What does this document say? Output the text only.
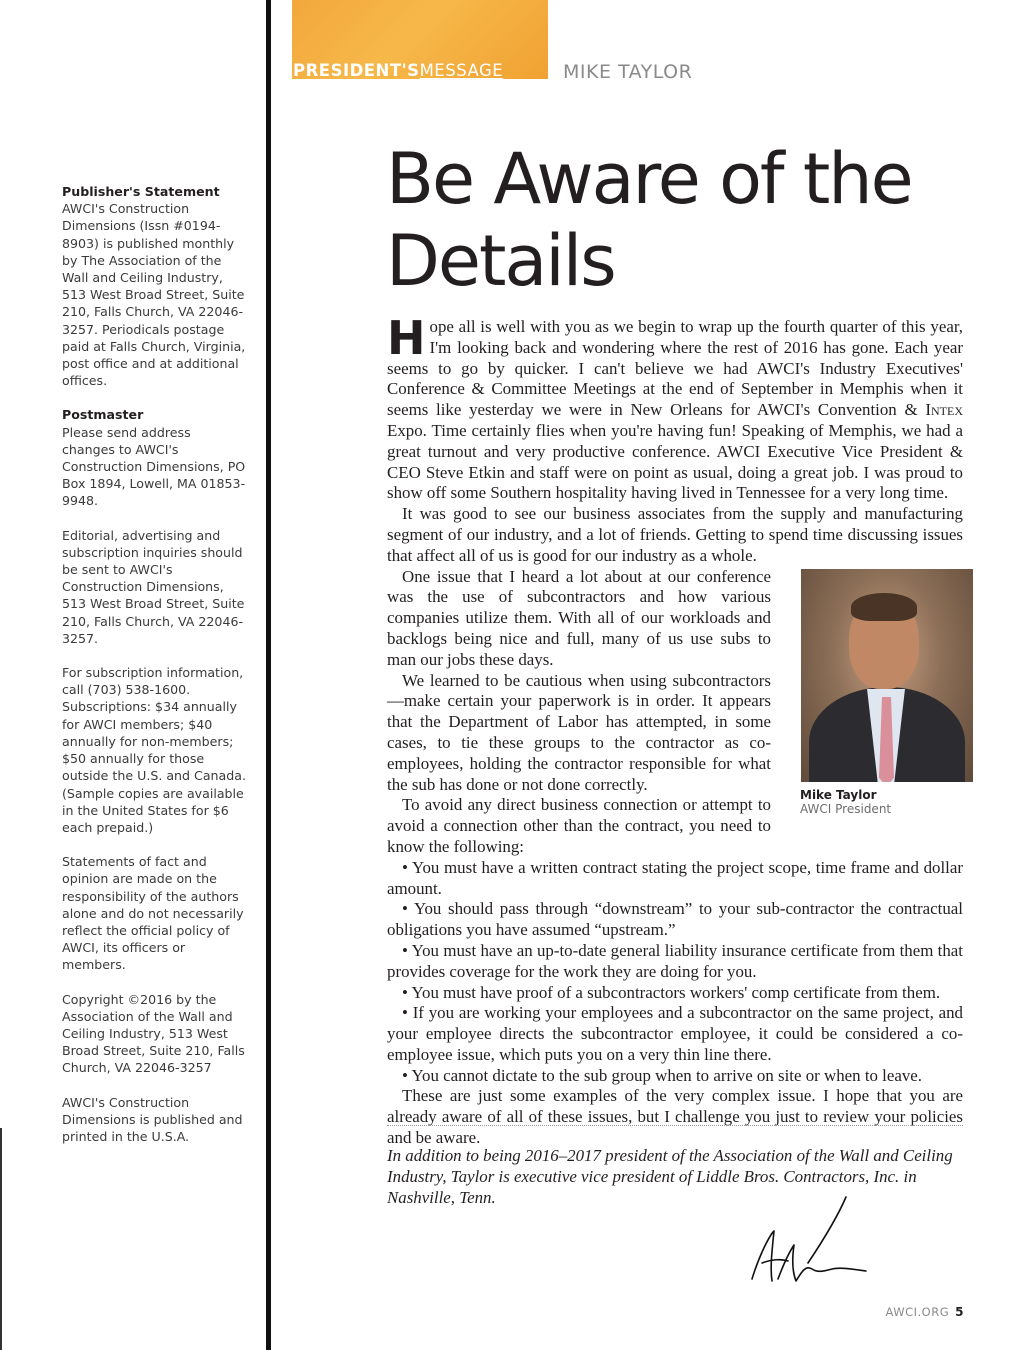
Publisher's Statement

AWCI's Construction Dimensions (Issn #0194-8903) is published monthly by The Association of the Wall and Ceiling Industry, 513 West Broad Street, Suite 210, Falls Church, VA 22046-3257. Periodicals postage paid at Falls Church, Virginia, post office and at additional offices.

Postmaster

Please send address changes to AWCI's Construction Dimensions, PO Box 1894, Lowell, MA 01853-9948.

Editorial, advertising and subscription inquiries should be sent to AWCI's Construction Dimensions, 513 West Broad Street, Suite 210, Falls Church, VA 22046-3257.

For subscription information, call (703) 538-1600. Subscriptions: $34 annually for AWCI members; $40 annually for non-members; $50 annually for those outside the U.S. and Canada. (Sample copies are available in the United States for $6 each prepaid.)

Statements of fact and opinion are made on the responsibility of the authors alone and do not necessarily reflect the official policy of AWCI, its officers or members.

Copyright ©2016 by the Association of the Wall and Ceiling Industry, 513 West Broad Street, Suite 210, Falls Church, VA 22046-3257

AWCI's Construction Dimensions is published and printed in the U.S.A.

PRESIDENT'SMESSAGE	MIKE TAYLOR
Be Aware of the Details

Hope all is well with you as we begin to wrap up the fourth quarter of this year, I'm looking back and wondering where the rest of 2016 has gone. Each year seems to go by quicker. I can't believe we had AWCI's Industry Executives' Conference & Committee Meetings at the end of September in Memphis when it seems like yesterday we were in New Orleans for AWCI's Convention & Intex Expo. Time certainly flies when you're having fun! Speaking of Memphis, we had a great turnout and very productive conference. AWCI Executive Vice President & CEO Steve Etkin and staff were on point as usual, doing a great job. I was proud to show off some Southern hospitality having lived in Tennessee for a very long time.

It was good to see our business associates from the supply and manufacturing segment of our industry, and a lot of friends. Getting to spend time discussing issues that affect all of us is good for our industry as a whole.

Mike Taylor
AWCI President

One issue that I heard a lot about at our conference was the use of subcontractors and how various companies utilize them. With all of our workloads and backlogs being nice and full, many of us use subs to man our jobs these days.

We learned to be cautious when using subcontractors—make certain your paperwork is in order. It appears that the Department of Labor has attempted, in some cases, to tie these groups to the contractor as co-employees, holding the contractor responsible for what the sub has done or not done correctly.

To avoid any direct business connection or attempt to avoid a connection other than the contract, you need to know the following:

• You must have a written contract stating the project scope, time frame and dollar amount.

• You should pass through “downstream” to your sub-contractor the contractual obligations you have assumed “upstream.”

• You must have an up-to-date general liability insurance certificate from them that provides coverage for the work they are doing for you.

• You must have proof of a subcontractors workers' comp certificate from them.

• If you are working your employees and a subcontractor on the same project, and your employee directs the subcontractor employee, it could be considered a co-employee issue, which puts you on a very thin line there.

• You cannot dictate to the sub group when to arrive on site or when to leave.

These are just some examples of the very complex issue. I hope that you are already aware of all of these issues, but I challenge you just to review your policies and be aware.

In addition to being 2016–2017 president of the Association of the Wall and Ceiling Industry, Taylor is executive vice president of Liddle Bros. Contractors, Inc. in Nashville, Tenn.

AWCI.ORG 5
